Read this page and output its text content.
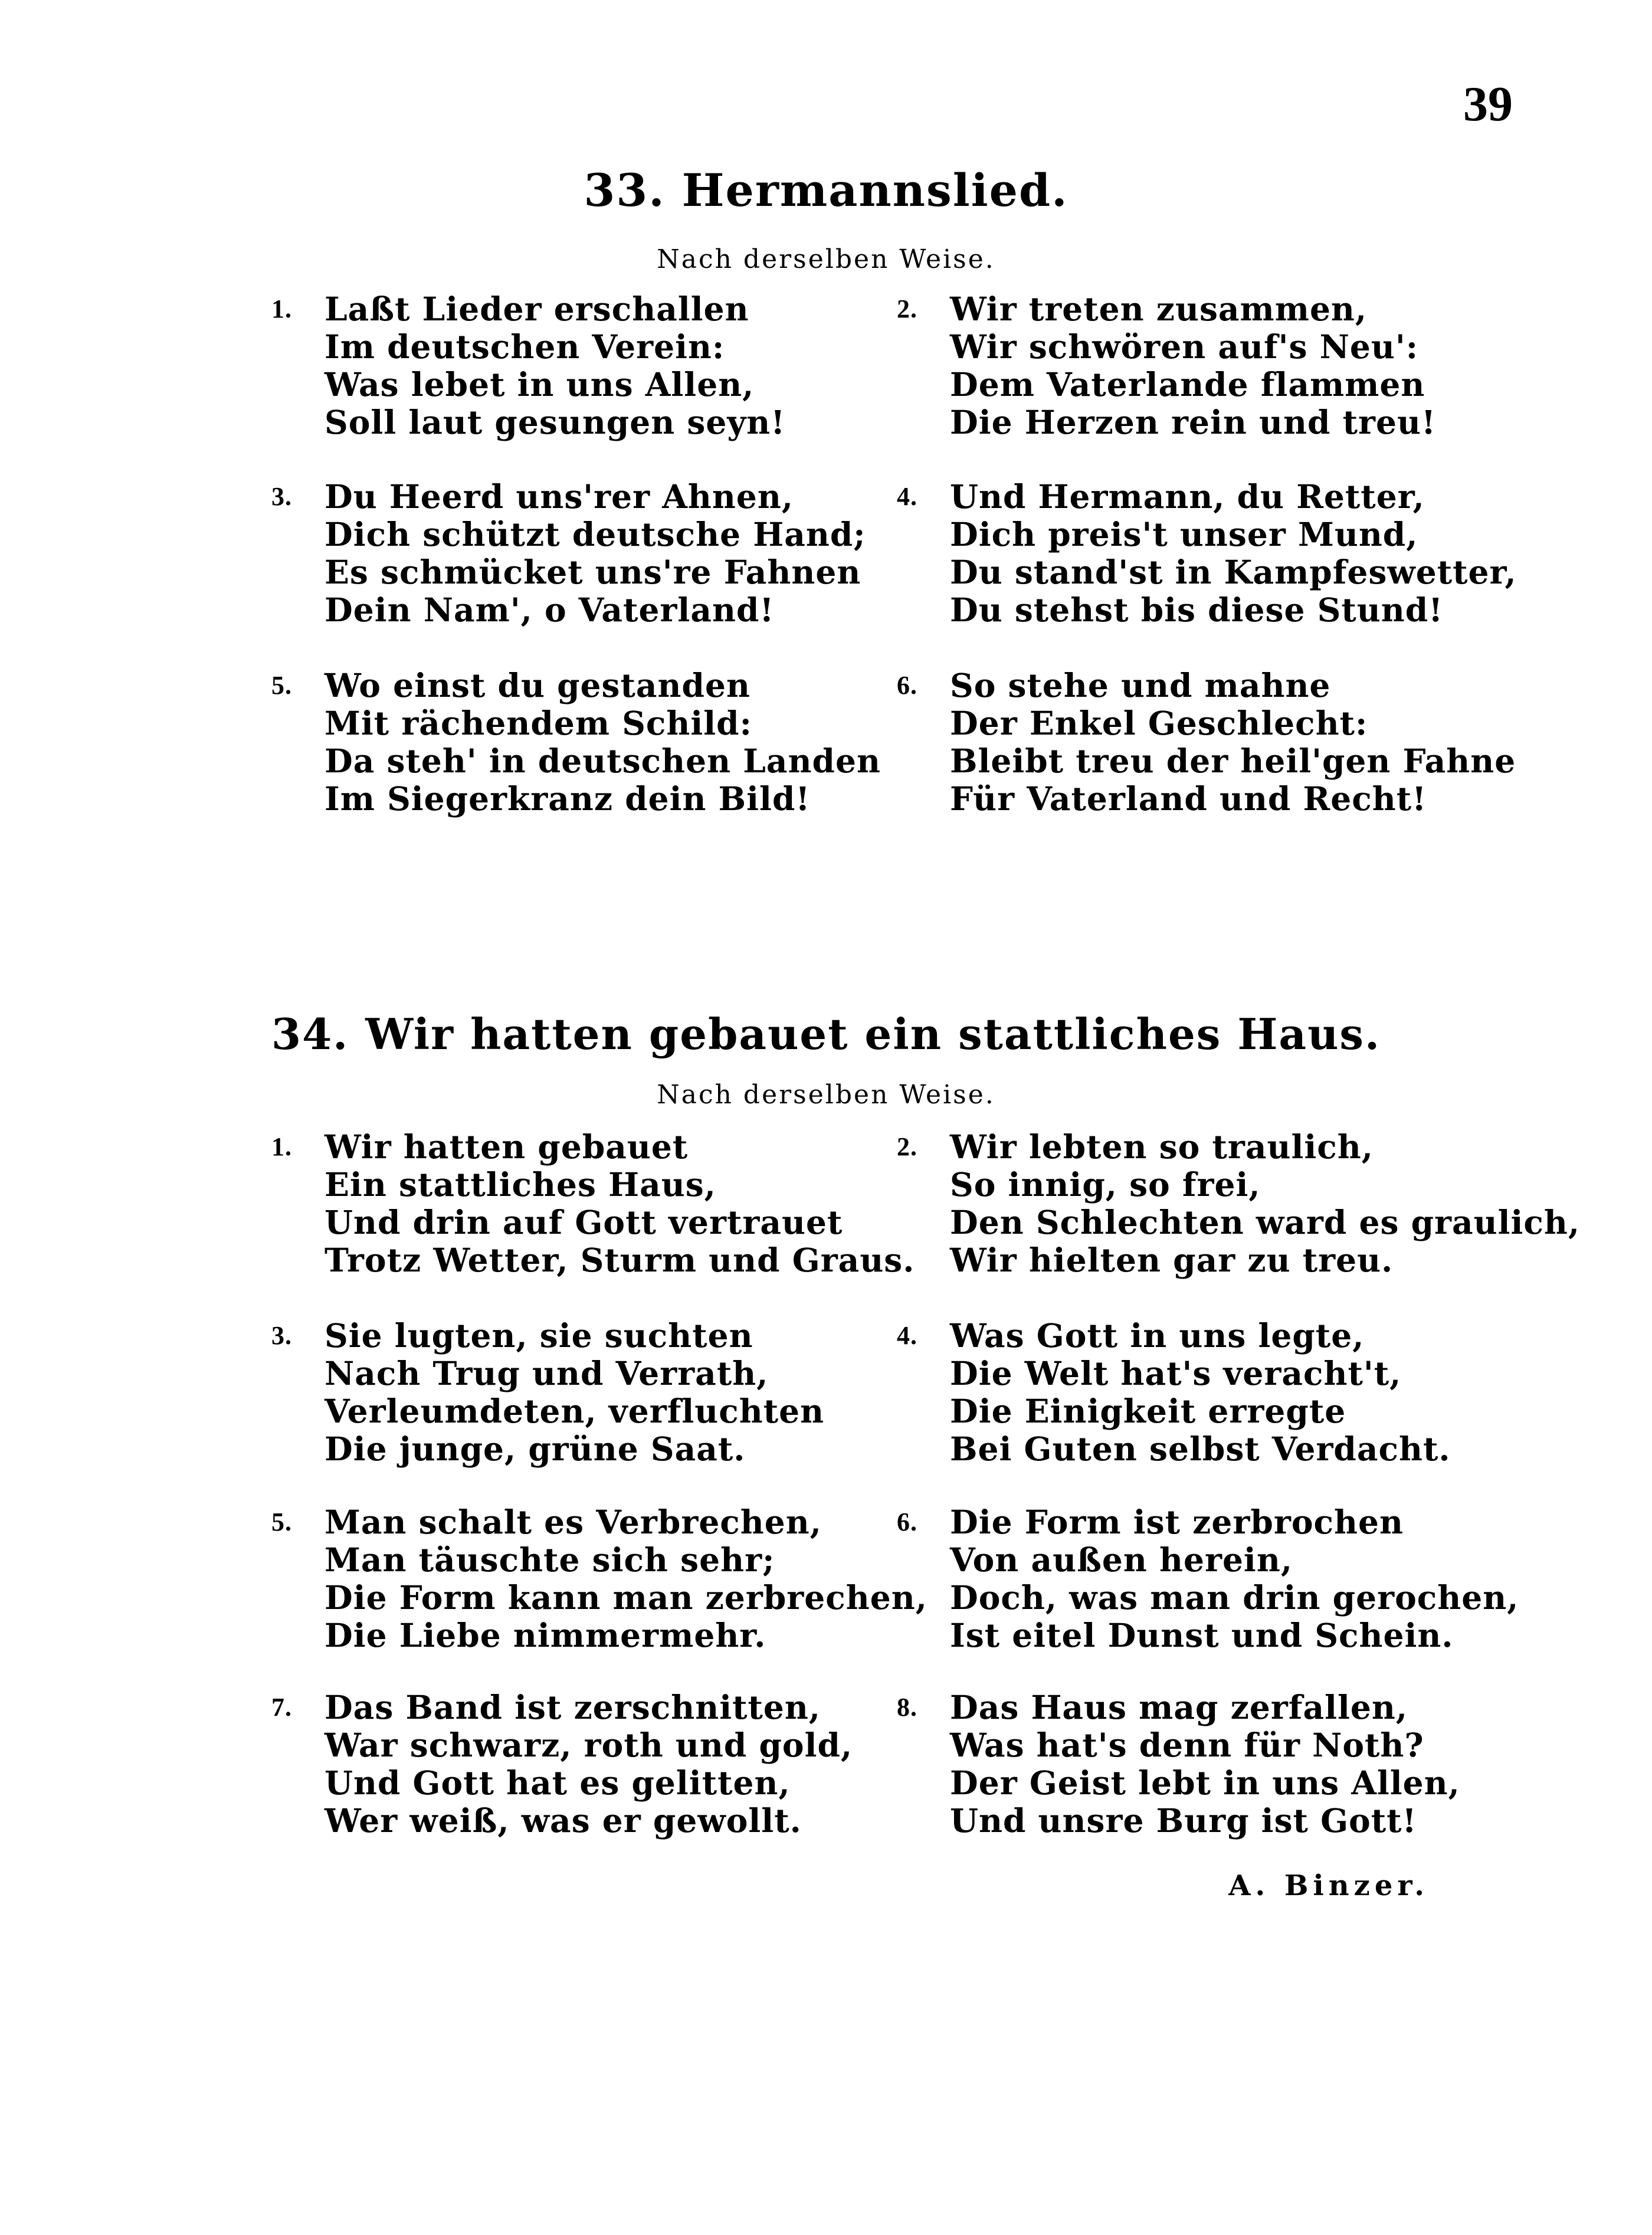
39
33. Hermannslied.
Nach derselben Weise.
1. Laßt Lieder erschallen
Im deutschen Verein:
Was lebet in uns Allen,
Soll laut gesungen seyn!
2. Wir treten zusammen,
Wir schwören auf's Neu':
Dem Vaterlande flammen
Die Herzen rein und treu!
3. Du Heerd uns'rer Ahnen,
Dich schützt deutsche Hand;
Es schmücket uns're Fahnen
Dein Nam', o Vaterland!
4. Und Hermann, du Retter,
Dich preis't unser Mund,
Du stand'st in Kampfeswetter,
Du stehst bis diese Stund!
5. Wo einst du gestanden
Mit rächendem Schild:
Da steh' in deutschen Landen
Im Siegerkranz dein Bild!
6. So stehe und mahne
Der Enkel Geschlecht:
Bleibt treu der heil'gen Fahne
Für Vaterland und Recht!
34. Wir hatten gebauet ein stattliches Haus.
Nach derselben Weise.
1. Wir hatten gebauet
Ein stattliches Haus,
Und drin auf Gott vertrauet
Trotz Wetter, Sturm und Graus.
2. Wir lebten so traulich,
So innig, so frei,
Den Schlechten ward es graulich,
Wir hielten gar zu treu.
3. Sie lugten, sie suchten
Nach Trug und Verrath,
Verleumdeten, verfluchten
Die junge, grüne Saat.
4. Was Gott in uns legte,
Die Welt hat's veracht't,
Die Einigkeit erregte
Bei Guten selbst Verdacht.
5. Man schalt es Verbrechen,
Man täuschte sich sehr;
Die Form kann man zerbrechen,
Die Liebe nimmermehr.
6. Die Form ist zerbrochen
Von außen herein,
Doch, was man drin gerochen,
Ist eitel Dunst und Schein.
7. Das Band ist zerschnitten,
War schwarz, roth und gold,
Und Gott hat es gelitten,
Wer weiß, was er gewollt.
8. Das Haus mag zerfallen,
Was hat's denn für Noth?
Der Geist lebt in uns Allen,
Und unsre Burg ist Gott!
A. Binzer.
